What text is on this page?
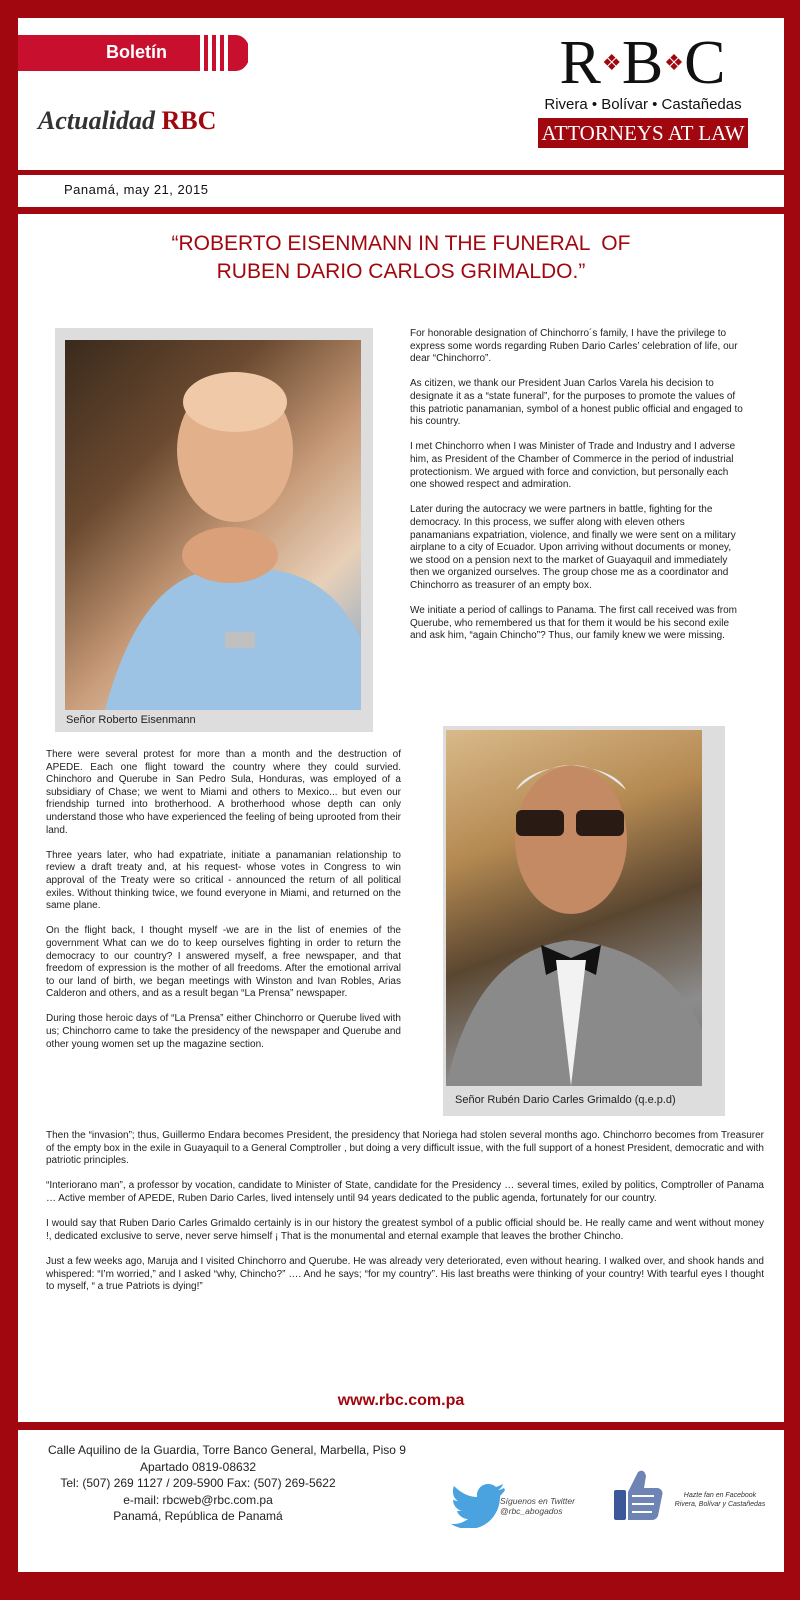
Boletín
Actualidad RBC
R❖B❖C
Rivera • Bolívar • Castañedas
ATTORNEYS AT LAW
Panamá, may 21, 2015
“ROBERTO EISENMANN IN THE FUNERAL  OF
RUBEN DARIO CARLOS GRIMALDO.”
Señor Roberto Eisenmann

For honorable designation of Chinchorro´s family, I have the privilege to express some words regarding Ruben Dario Carles’ celebration of life, our dear “Chinchorro”.

As citizen, we thank our President Juan Carlos Varela his decision to designate it as a “state funeral”, for the purposes to promote the values of this patriotic panamanian, symbol of a honest public official and engaged to his country.

I met Chinchorro when I was Minister of Trade and Industry and I adverse him, as President of the Chamber of Commerce in the period of industrial protectionism. We argued with force and conviction, but personally each one showed respect and admiration.

Later during the autocracy we were partners in battle, fighting for the democracy. In this process, we suffer along with eleven others panamanians expatriation, violence, and finally we were sent on a military airplane to a city of Ecuador. Upon arriving without documents or money, we stood on a pension next to the market of Guayaquil and immediately then we organized ourselves. The group chose me as a coordinator and Chinchorro as treasurer of an empty box.

We initiate a period of callings to Panama. The first call received was from Querube, who remembered us that for them it would be his second exile and ask him, “again Chincho”? Thus, our family knew we were missing.

Señor Rubén Dario Carles Grimaldo (q.e.p.d)

There were several protest for more than a month and the destruction of APEDE. Each one flight toward the country where they could survied. Chinchoro and Querube in San Pedro Sula, Honduras, was employed of a subsidiary of Chase; we went to Miami and others to Mexico... but even our friendship turned into brotherhood. A brotherhood whose depth can only understand those who have experienced the feeling of being uprooted from their land.

Three years later, who had expatriate, initiate a panamanian relationship to review a draft treaty and, at his request- whose votes in Congress to win approval of the Treaty were so critical - announced the return of all political exiles. Without thinking twice, we found everyone in Miami, and returned on the same plane.

On the flight back, I thought myself -we are in the list of enemies of the government What can we do to keep ourselves fighting in order to return the democracy to our country? I answered myself, a free newspaper, and that freedom of expression is the mother of all freedoms. After the emotional arrival to our land of birth, we began meetings with Winston and Ivan Robles, Arias Calderon and others, and as a result began “La Prensa” newspaper.

During those heroic days of “La Prensa” either Chinchorro or Querube lived with us; Chinchorro came to take the presidency of the newspaper and Querube and other young women set up the magazine section.

Then the “invasion”; thus, Guillermo Endara becomes President, the presidency that Noriega had stolen several months ago. Chinchorro becomes from Treasurer of the empty box in the exile in Guayaquil to a General Comptroller , but doing a very difficult issue, with the full support of a honest President, democratic and with patriotic principles.

“Interiorano man”, a professor by vocation, candidate to Minister of State, candidate for the Presidency … several times, exiled by politics, Comptroller of Panama … Active member of APEDE, Ruben Dario Carles, lived intensely until 94 years dedicated to the public agenda, fortunately for our country.

I would say that Ruben Dario Carles Grimaldo certainly is in our history the greatest symbol of a public official should be. He really came and went without money !, dedicated exclusive to serve, never serve himself ¡ That is the monumental and eternal example that leaves the brother Chincho.

Just a few weeks ago, Maruja and I visited Chinchorro and Querube. He was already very deteriorated, even without hearing. I walked over, and shook hands and whispered: “I’m worried,” and I asked “why, Chincho?” …. And he says; “for my country”. His last breaths were thinking of your country! With tearful eyes I thought to myself, “ a true Patriots is dying!”

www.rbc.com.pa
Calle Aquilino de la Guardia, Torre Banco General, Marbella, Piso 9
Apartado 0819-08632
Tel: (507) 269 1127 / 209-5900 Fax: (507) 269-5622
e-mail: rbcweb@rbc.com.pa
Panamá, República de Panamá
Síguenos en Twitter
@rbc_abogados
Hazte fan en Facebook
Rivera, Bolívar y Castañedas
